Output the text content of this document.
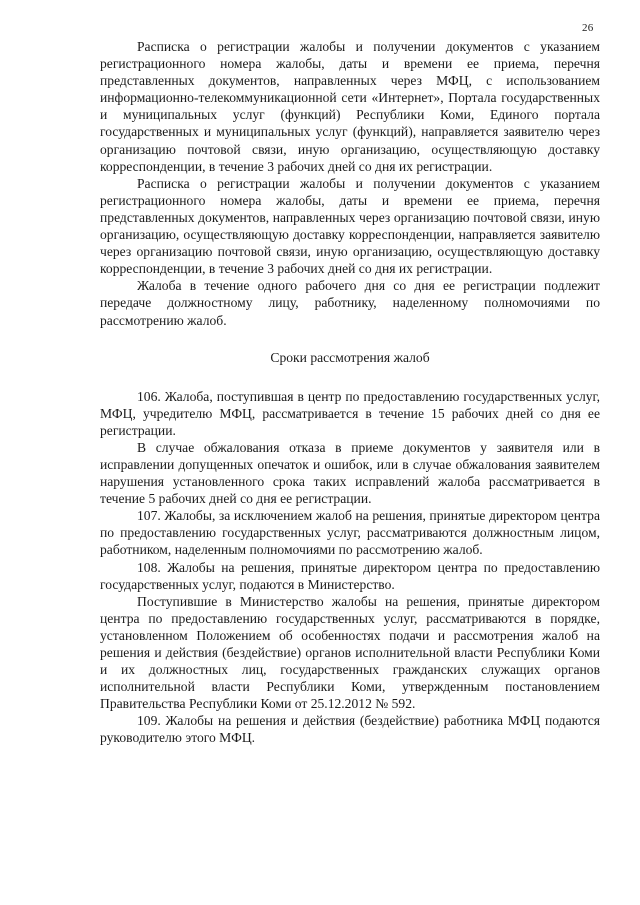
26

Расписка о регистрации жалобы и получении документов с указанием регистрационного номера жалобы, даты и времени ее приема, перечня представленных документов, направленных через МФЦ, с использованием информационно-телекоммуникационной сети «Интернет», Портала государственных и муниципальных услуг (функций) Республики Коми, Единого портала государственных и муниципальных услуг (функций), направляется заявителю через организацию почтовой связи, иную организацию, осуществляющую доставку корреспонденции, в течение 3 рабочих дней со дня их регистрации.

Расписка о регистрации жалобы и получении документов с указанием регистрационного номера жалобы, даты и времени ее приема, перечня представленных документов, направленных через организацию почтовой связи, иную организацию, осуществляющую доставку корреспонденции, направляется заявителю через организацию почтовой связи, иную организацию, осуществляющую доставку корреспонденции, в течение 3 рабочих дней со дня их регистрации.

Жалоба в течение одного рабочего дня со дня ее регистрации подлежит передаче должностному лицу, работнику, наделенному полномочиями по рассмотрению жалоб.

Сроки рассмотрения жалоб

106. Жалоба, поступившая в центр по предоставлению государственных услуг, МФЦ, учредителю МФЦ, рассматривается в течение 15 рабочих дней со дня ее регистрации.

В случае обжалования отказа в приеме документов у заявителя или в исправлении допущенных опечаток и ошибок, или в случае обжалования заявителем нарушения установленного срока таких исправлений жалоба рассматривается в течение 5 рабочих дней со дня ее регистрации.

107. Жалобы, за исключением жалоб на решения, принятые директором центра по предоставлению государственных услуг, рассматриваются должностным лицом, работником, наделенным полномочиями по рассмотрению жалоб.

108. Жалобы на решения, принятые директором центра по предоставлению государственных услуг, подаются в Министерство.

Поступившие в Министерство жалобы на решения, принятые директором центра по предоставлению государственных услуг, рассматриваются в порядке, установленном Положением об особенностях подачи и рассмотрения жалоб на решения и действия (бездействие) органов исполнительной власти Республики Коми и их должностных лиц, государственных гражданских служащих органов исполнительной власти Республики Коми, утвержденным постановлением Правительства Республики Коми от 25.12.2012 № 592.

109. Жалобы на решения и действия (бездействие) работника МФЦ подаются руководителю этого МФЦ.
